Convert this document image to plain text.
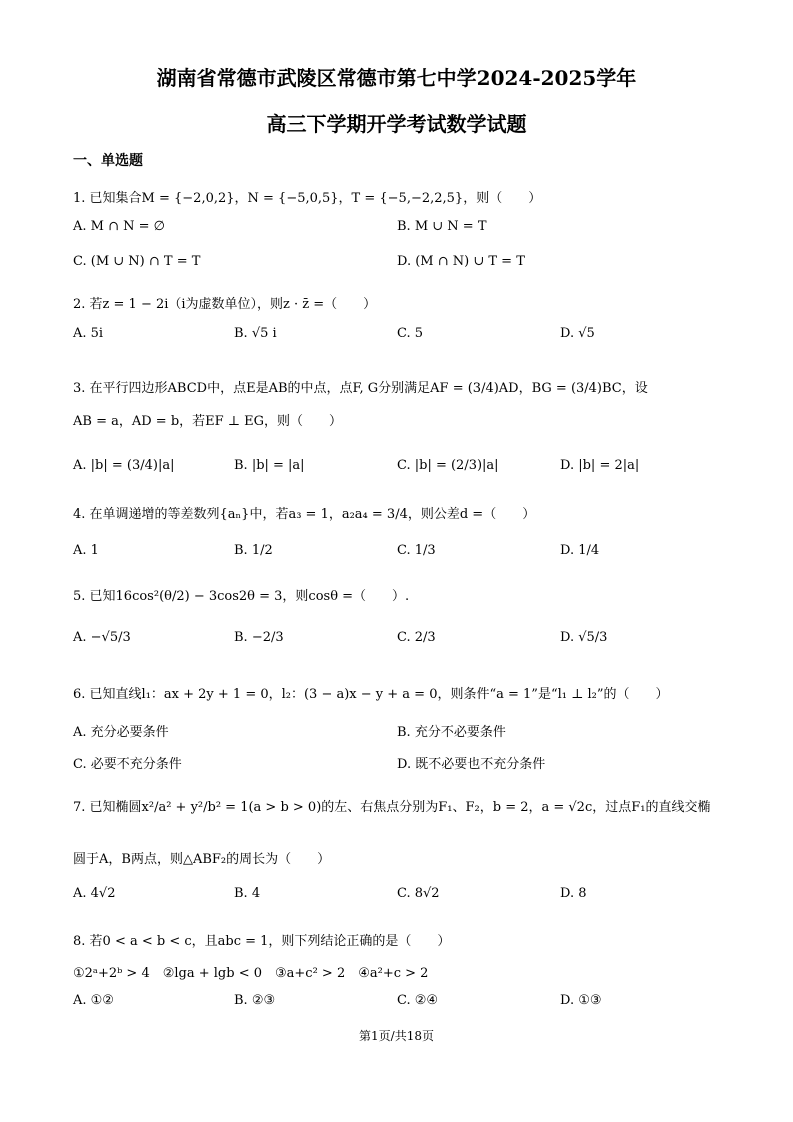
湖南省常德市武陵区常德市第七中学2024-2025学年
高三下学期开学考试数学试题
一、单选题
1. 已知集合M = {−2,0,2}，N = {−5,0,5}，T = {−5,−2,2,5}，则（　　）
A. M ∩ N = ∅	B. M ∪ N = T
C. (M ∪ N) ∩ T = T	D. (M ∩ N) ∪ T = T
2. 若z = 1 − 2i（i为虚数单位），则z · z̄ =（　　）
A. 5i	B. √5 i	C. 5	D. √5
3. 在平行四边形ABCD中，点E是AB的中点，点F, G分别满足AF = (3/4)AD，BG = (3/4)BC，设
AB = a，AD = b，若EF ⊥ EG，则（　　）
A. |b| = (3/4)|a|	B. |b| = |a|	C. |b| = (2/3)|a|	D. |b| = 2|a|
4. 在单调递增的等差数列{aₙ}中，若a₃ = 1，a₂a₄ = 3/4，则公差d =（　　）
A. 1	B. 1/2	C. 1/3	D. 1/4
5. 已知16cos²(θ/2) − 3cos2θ = 3，则cosθ =（　　）.
A. −√5/3	B. −2/3	C. 2/3	D. √5/3
6. 已知直线l₁：ax + 2y + 1 = 0，l₂：(3 − a)x − y + a = 0，则条件“a = 1”是“l₁ ⊥ l₂”的（　　）
A. 充分必要条件	B. 充分不必要条件
C. 必要不充分条件	D. 既不必要也不充分条件
7. 已知椭圆x²/a² + y²/b² = 1(a > b > 0)的左、右焦点分别为F₁、F₂，b = 2，a = √2c，过点F₁的直线交椭
圆于A，B两点，则△ABF₂的周长为（　　）
A. 4√2	B. 4	C. 8√2	D. 8
8. 若0 < a < b < c，且abc = 1，则下列结论正确的是（　　）
①2ᵃ+2ᵇ > 4　②lga + lgb < 0　③a+c² > 2　④a²+c > 2
A. ①②	B. ②③	C. ②④	D. ①③
第1页/共18页
